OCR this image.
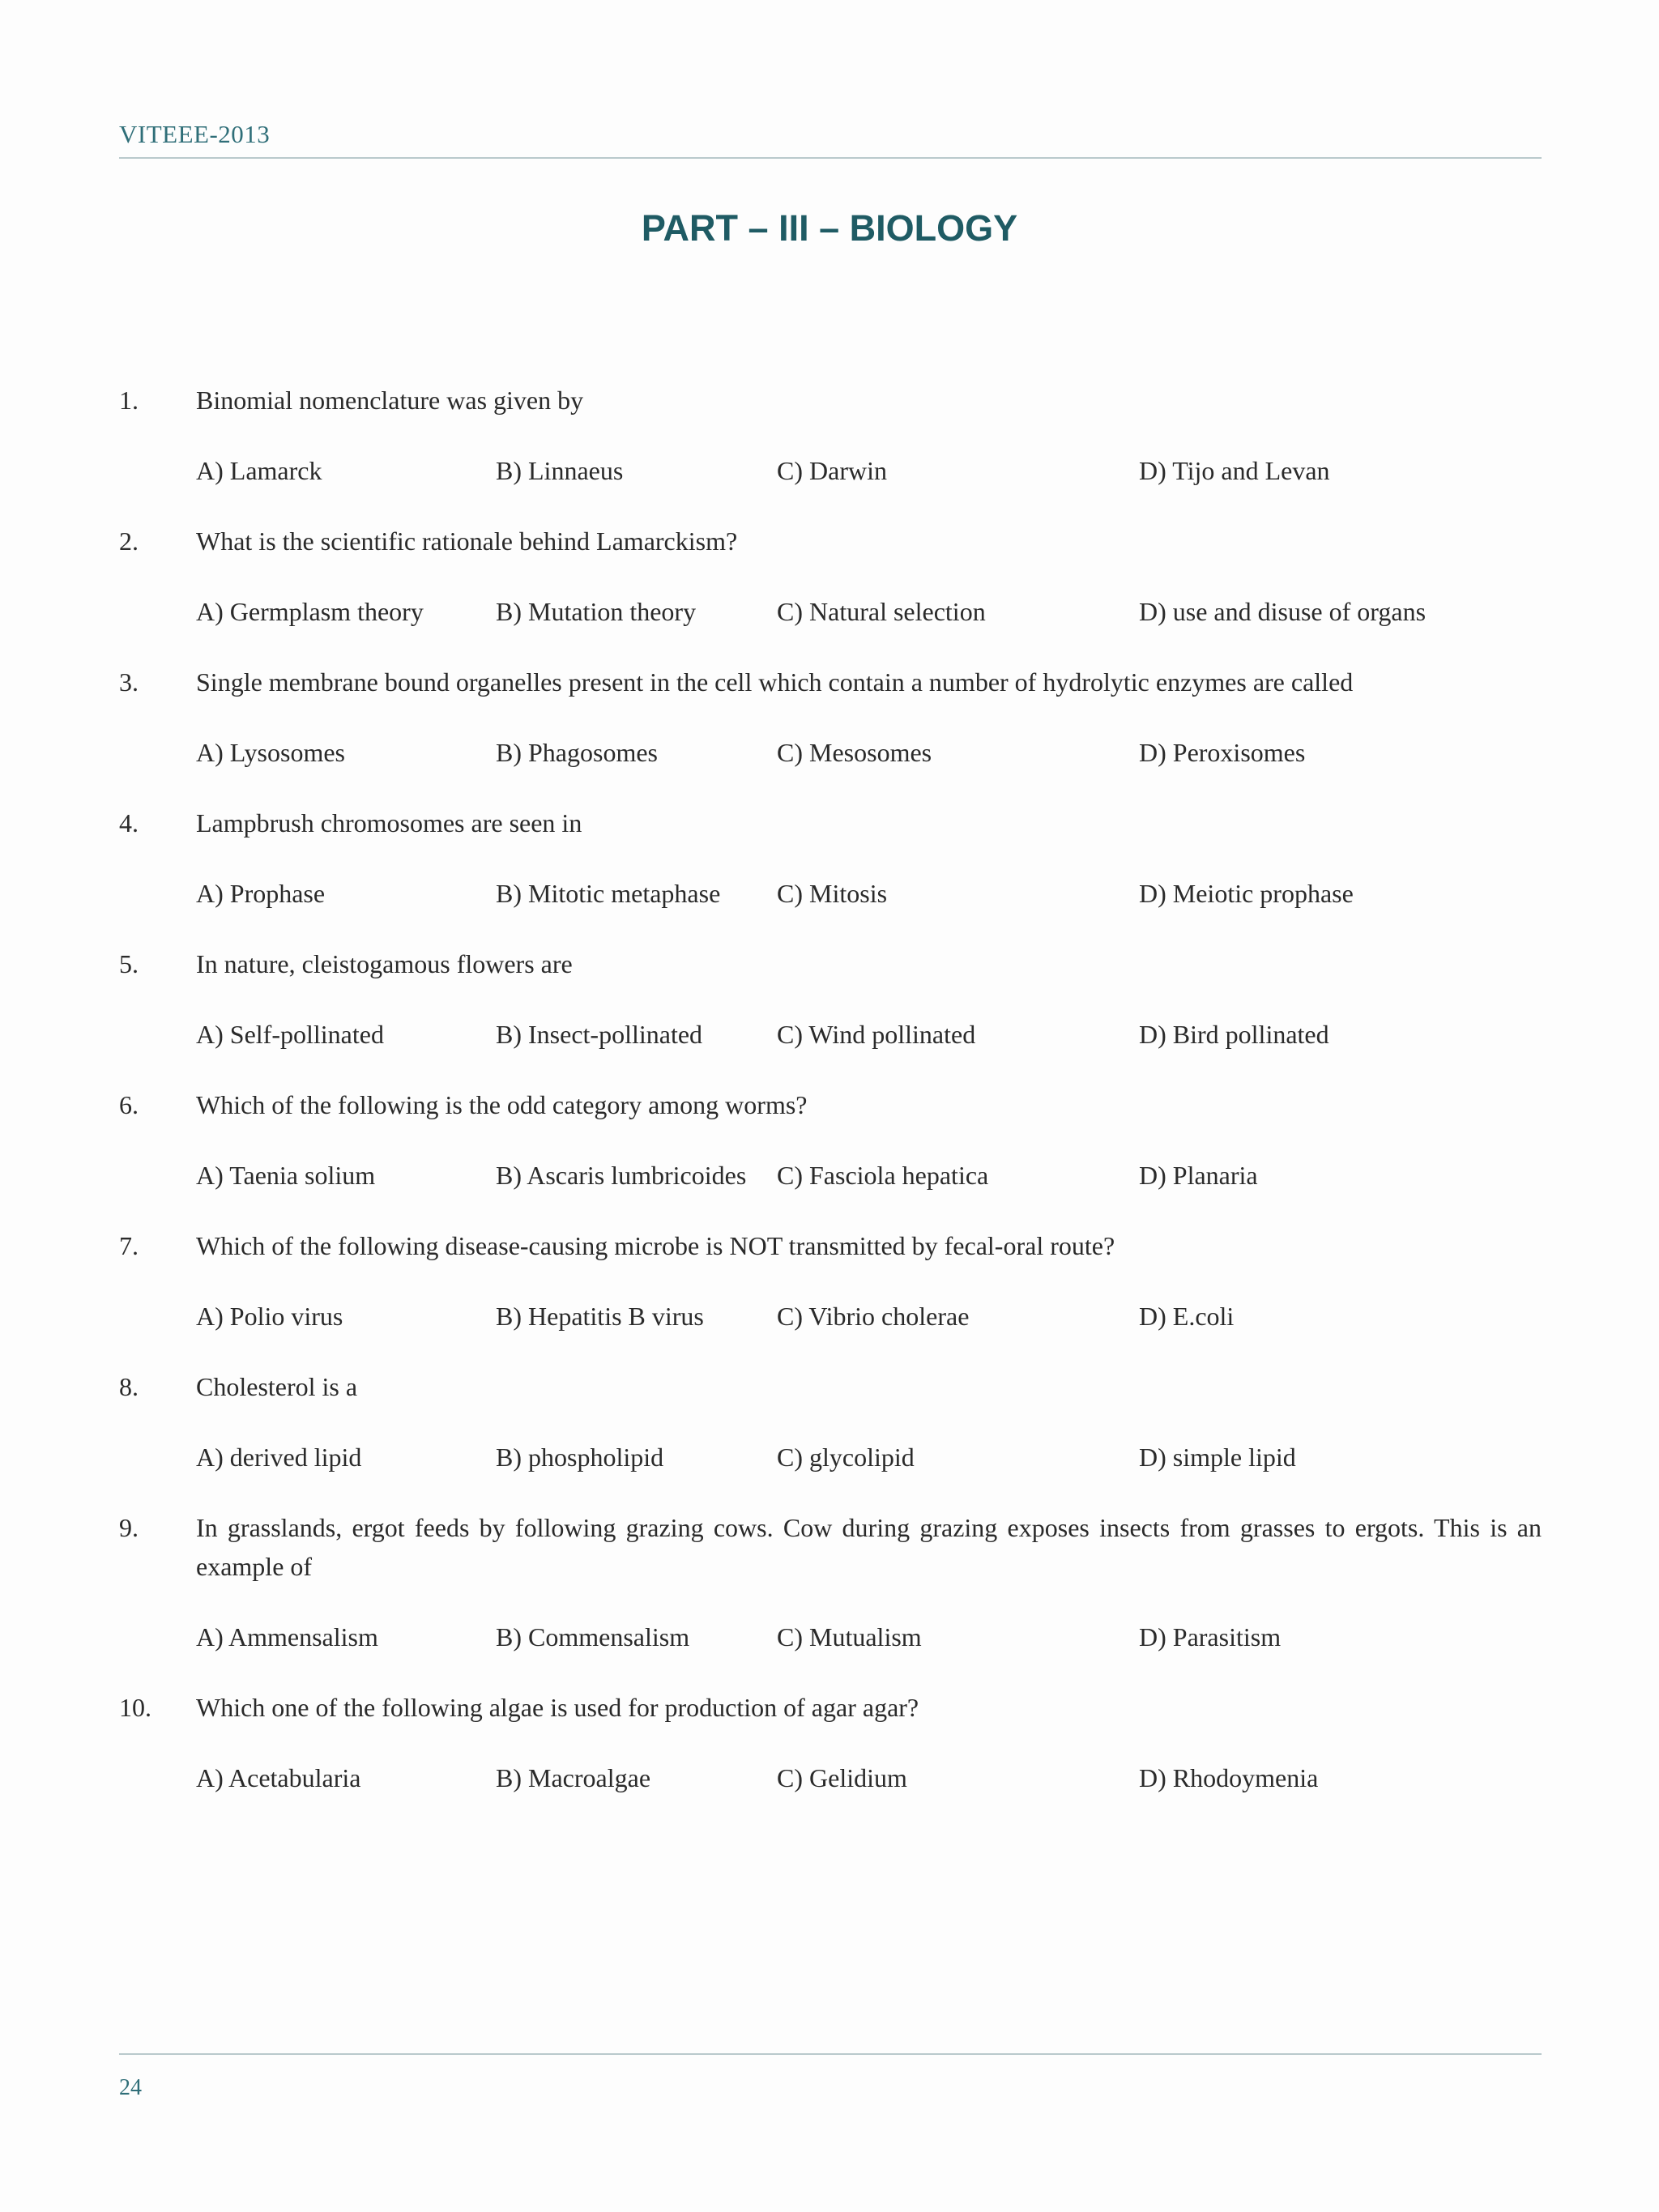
VITEEE-2013
PART – III – BIOLOGY
1. Binomial nomenclature was given by
A) Lamarck	B) Linnaeus	C) Darwin	D) Tijo and Levan
2. What is the scientific rationale behind Lamarckism?
A) Germplasm theory	B) Mutation theory	C) Natural selection	D) use and disuse of organs
3. Single membrane bound organelles present in the cell which contain a number of hydrolytic enzymes are called
A) Lysosomes	B) Phagosomes	C) Mesosomes	D) Peroxisomes
4. Lampbrush chromosomes are seen in
A) Prophase	B) Mitotic metaphase C) Mitosis	D) Meiotic prophase
5. In nature, cleistogamous flowers are
A) Self-pollinated	B) Insect-pollinated	C) Wind pollinated	D) Bird pollinated
6. Which of the following is the odd category among worms?
A) Taenia solium	B) Ascaris lumbricoides C) Fasciola hepatica	D) Planaria
7. Which of the following disease-causing microbe is NOT transmitted by fecal-oral route?
A) Polio virus	B) Hepatitis B virus	C) Vibrio cholerae	D) E.coli
8. Cholesterol is a
A) derived lipid	B) phospholipid	C) glycolipid	D) simple lipid
9. In grasslands, ergot feeds by following grazing cows. Cow during grazing exposes insects from grasses to ergots. This is an example of
A) Ammensalism	B) Commensalism	C) Mutualism	D) Parasitism
10. Which one of the following algae is used for production of agar agar?
A) Acetabularia	B) Macroalgae	C) Gelidium	D) Rhodoymenia
24
